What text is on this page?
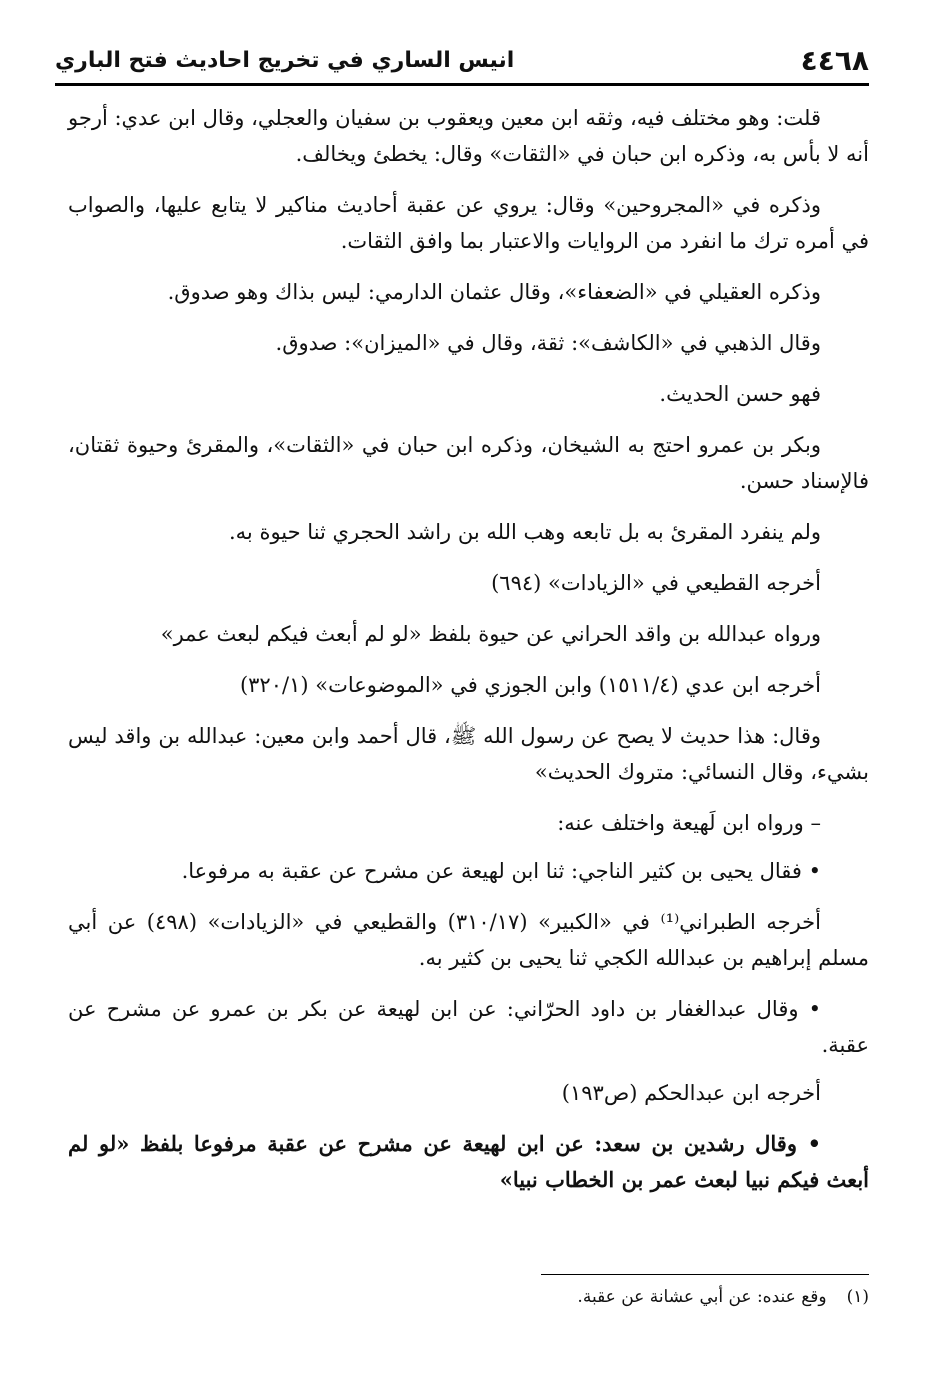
٤٤٦٨
انيس الساري في تخريج احاديث فتح الباري

قلت: وهو مختلف فيه، وثقه ابن معين ويعقوب بن سفيان والعجلي، وقال ابن عدي: أرجو أنه لا بأس به، وذكره ابن حبان في «الثقات» وقال: يخطئ ويخالف.

وذكره في «المجروحين» وقال: يروي عن عقبة أحاديث مناكير لا يتابع عليها، والصواب في أمره ترك ما انفرد من الروايات والاعتبار بما وافق الثقات.

وذكره العقيلي في «الضعفاء»، وقال عثمان الدارمي: ليس بذاك وهو صدوق.

وقال الذهبي في «الكاشف»: ثقة، وقال في «الميزان»: صدوق.

فهو حسن الحديث.

وبكر بن عمرو احتج به الشيخان، وذكره ابن حبان في «الثقات»، والمقرئ وحيوة ثقتان، فالإسناد حسن.

ولم ينفرد المقرئ به بل تابعه وهب الله بن راشد الحجري ثنا حيوة به.

أخرجه القطيعي في «الزيادات» (٦٩٤)

ورواه عبدالله بن واقد الحراني عن حيوة بلفظ «لو لم أبعث فيكم لبعث عمر»

أخرجه ابن عدي (١٥١١/٤) وابن الجوزي في «الموضوعات» (٣٢٠/١)

وقال: هذا حديث لا يصح عن رسول الله ﷺ، قال أحمد وابن معين: عبدالله بن واقد ليس بشيء، وقال النسائي: متروك الحديث»

– ورواه ابن لَهيعة واختلف عنه:

• فقال يحيى بن كثير الناجي: ثنا ابن لهيعة عن مشرح عن عقبة به مرفوعا.

أخرجه الطبراني⁽¹⁾ في «الكبير» (٣١٠/١٧) والقطيعي في «الزيادات» (٤٩٨) عن أبي مسلم إبراهيم بن عبدالله الكجي ثنا يحيى بن كثير به.

• وقال عبدالغفار بن داود الحرّاني: عن ابن لهيعة عن بكر بن عمرو عن مشرح عن عقبة.

أخرجه ابن عبدالحكم (ص١٩٣)

• وقال رشدين بن سعد: عن ابن لهيعة عن مشرح عن عقبة مرفوعا بلفظ «لو لم أبعث فيكم نبيا لبعث عمر بن الخطاب نبيا»

(١)وقع عنده: عن أبي عشانة عن عقبة.
